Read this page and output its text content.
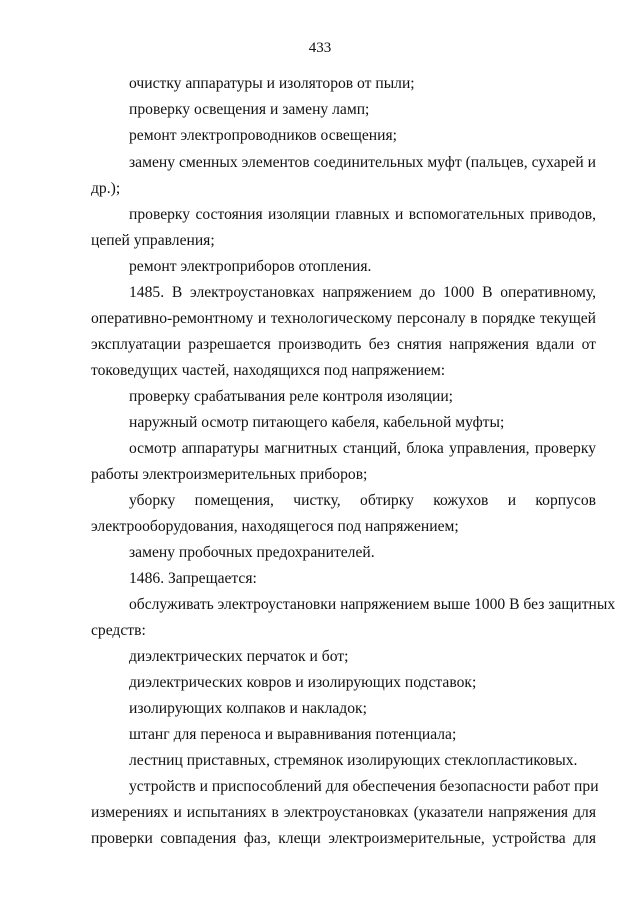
433
очистку аппаратуры и изоляторов от пыли;
проверку освещения и замену ламп;
ремонт электропроводников освещения;
замену сменных элементов соединительных муфт (пальцев, сухарей и
др.);
проверку состояния изоляции главных и вспомогательных приводов,
цепей управления;
ремонт электроприборов отопления.
1485. В электроустановках напряжением до 1000 В оперативному,
оперативно-ремонтному и технологическому персоналу в порядке текущей
эксплуатации разрешается производить без снятия напряжения вдали от
токоведущих частей, находящихся под напряжением:
проверку срабатывания реле контроля изоляции;
наружный осмотр питающего кабеля, кабельной муфты;
осмотр аппаратуры магнитных станций, блока управления, проверку
работы электроизмерительных приборов;
уборку помещения, чистку, обтирку кожухов и корпусов
электрооборудования, находящегося под напряжением;
замену пробочных предохранителей.
1486. Запрещается:
обслуживать электроустановки напряжением выше 1000 В без защитных
средств:
диэлектрических перчаток и бот;
диэлектрических ковров и изолирующих подставок;
изолирующих колпаков и накладок;
штанг для переноса и выравнивания потенциала;
лестниц приставных, стремянок изолирующих стеклопластиковых.
устройств и приспособлений для обеспечения безопасности работ при
измерениях и испытаниях в электроустановках (указатели напряжения для
проверки совпадения фаз, клещи электроизмерительные, устройства для
